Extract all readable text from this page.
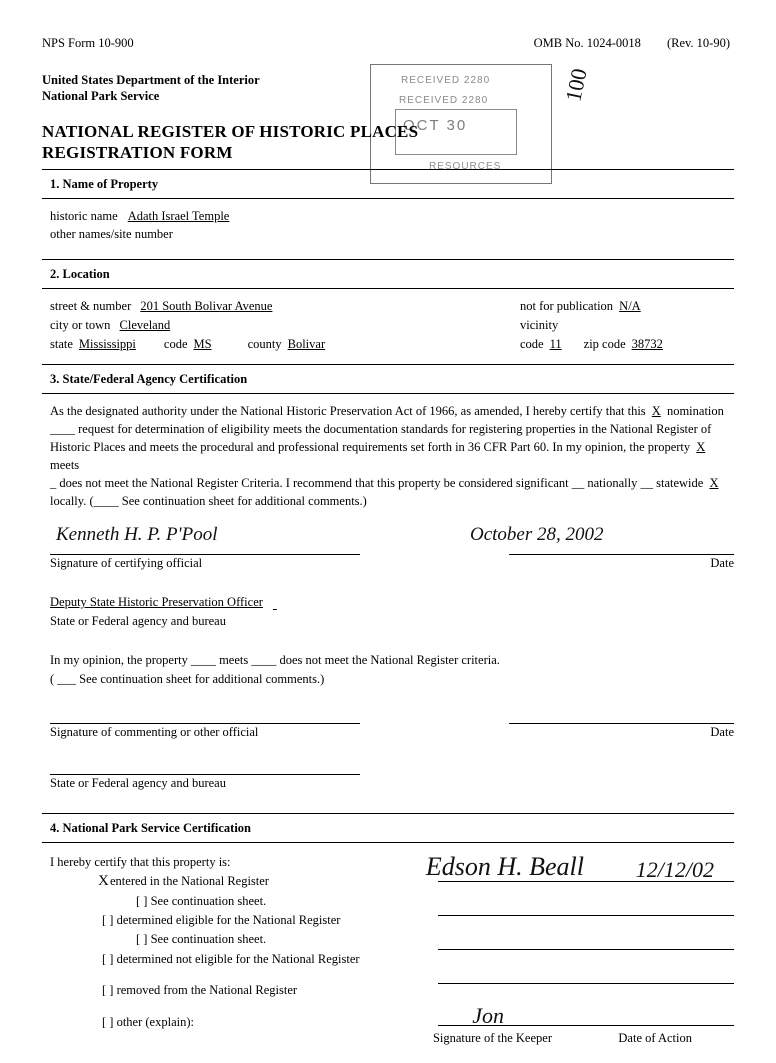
RECEIVED 2280
RECEIVED 2280
OCT 30
RESOURCES
100
NPS Form 10-900	OMB No. 1024-0018 (Rev. 10-90)
United States Department of the Interior
National Park Service
NATIONAL REGISTER OF HISTORIC PLACES
REGISTRATION FORM
1. Name of Property
historic name Adath Israel Temple
other names/site number
2. Location
street & number 201 South Bolivar Avenue	not for publication N/A
city or town Cleveland	vicinity
state Mississippi	code MS	county Bolivar	code 11	zip code 38732
3. State/Federal Agency Certification
As the designated authority under the National Historic Preservation Act of 1966, as amended, I hereby certify that this X nomination
____ request for determination of eligibility meets the documentation standards for registering properties in the National Register of
Historic Places and meets the procedural and professional requirements set forth in 36 CFR Part 60. In my opinion, the property X meets
_ does not meet the National Register Criteria. I recommend that this property be considered significant __ nationally __ statewide X
locally. (____ See continuation sheet for additional comments.)
Kenneth H. P. P'Pool	October 28, 2002
Signature of certifying official	Date
Deputy State Historic Preservation Officer

State or Federal agency and bureau
In my opinion, the property ____ meets ____ does not meet the National Register criteria.
( ___ See continuation sheet for additional comments.)
Signature of commenting or other official	Date
State or Federal agency and bureau
4. National Park Service Certification
I hereby certify that this property is:
X entered in the National Register
[ ] See continuation sheet.
[ ] determined eligible for the National Register
[ ] See continuation sheet.
[ ] determined not eligible for the National Register
[ ] removed from the National Register
[ ] other (explain):
Edson H. Beall 12/12/02
Jon
Signature of the Keeper	Date of Action
